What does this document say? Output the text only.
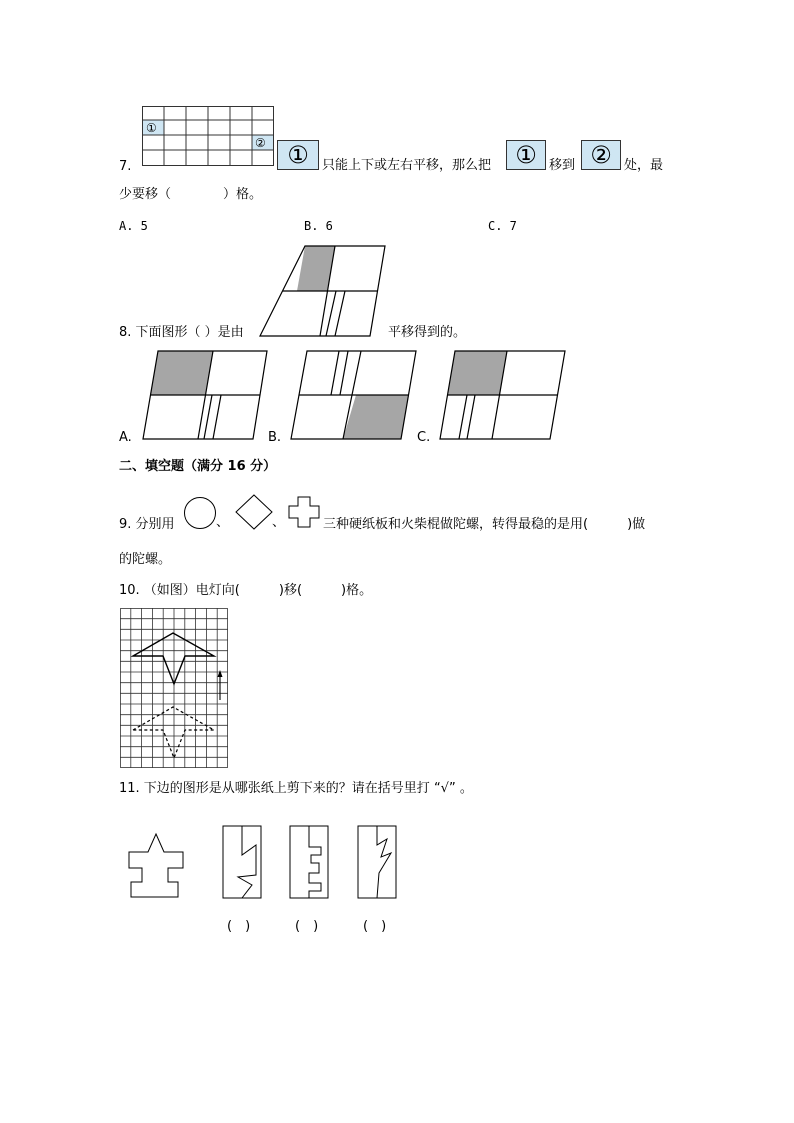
①
②
7.	①	只能上下或左右平移，那么把	① 移到 ② 处，最
少要移（　　　　）格。
A. 5	B. 6	C. 7
8. 下面图形（ ）是由	平移得到的。
A.	B.	C.
二、填空题（满分 16 分）
9. 分别用	、	、	三种硬纸板和火柴棍做陀螺，转得最稳的是用(　　　)做
的陀螺。
10. （如图）电灯向(　　　)移(　　　)格。
11. 下边的图形是从哪张纸上剪下来的？请在括号里打 “√” 。
(　)	(　)	(　)
